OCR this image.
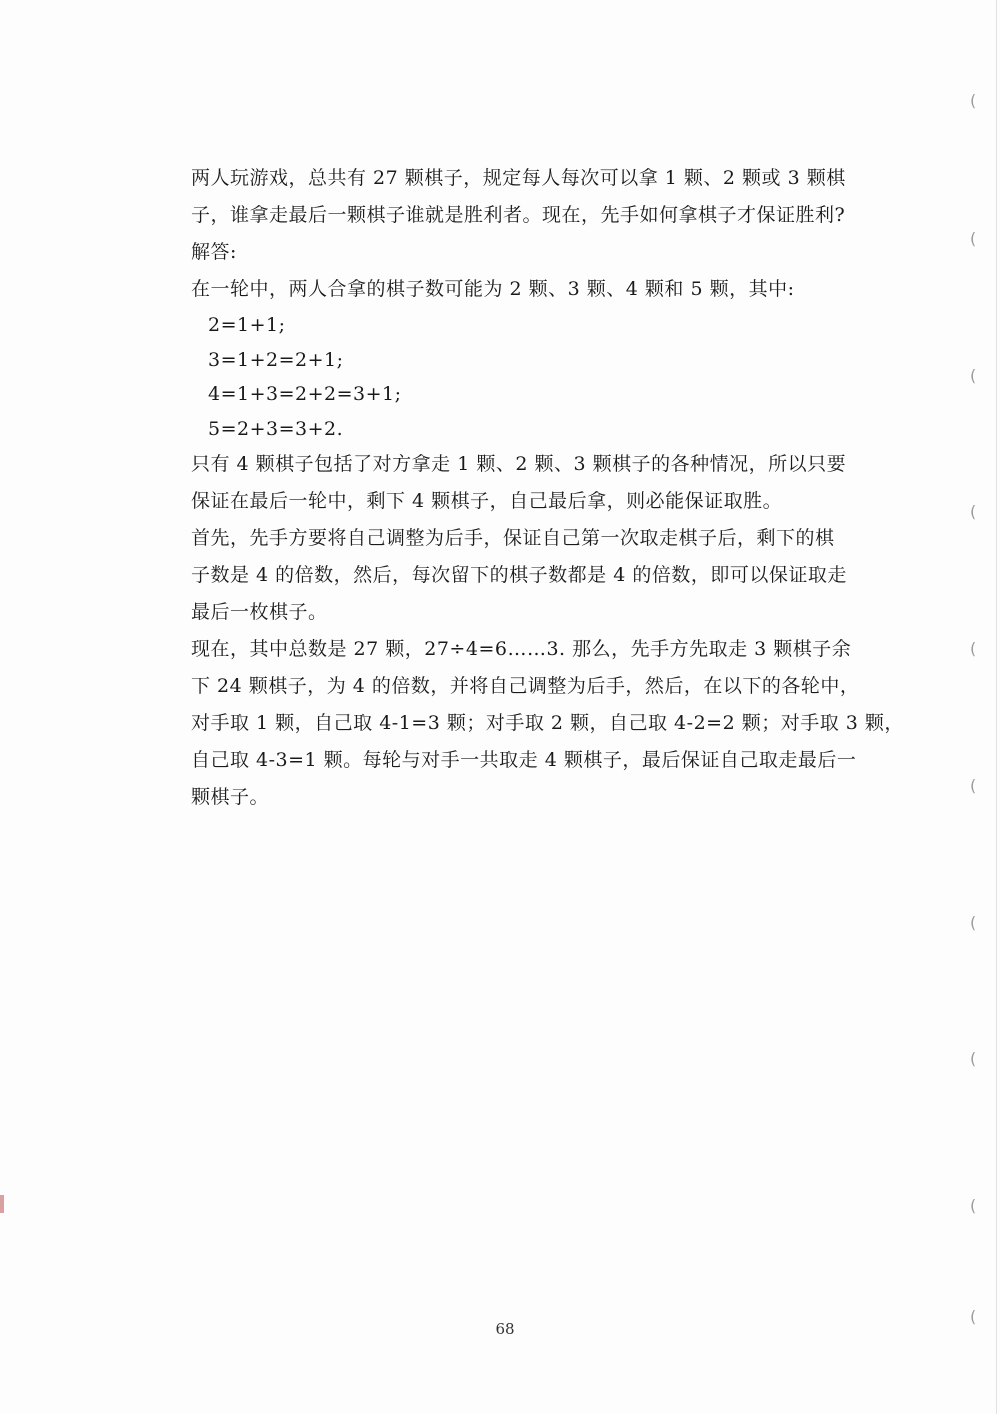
(
(
(
(
(
(
(
(
(
(
两人玩游戏，总共有 27 颗棋子，规定每人每次可以拿 1 颗、2 颗或 3 颗棋
子，谁拿走最后一颗棋子谁就是胜利者。现在，先手如何拿棋子才保证胜利?
解答:
在一轮中，两人合拿的棋子数可能为 2 颗、3 颗、4 颗和 5 颗，其中:
2=1+1;
3=1+2=2+1;
4=1+3=2+2=3+1;
5=2+3=3+2.
只有 4 颗棋子包括了对方拿走 1 颗、2 颗、3 颗棋子的各种情况，所以只要
保证在最后一轮中，剩下 4 颗棋子，自己最后拿，则必能保证取胜。
首先，先手方要将自己调整为后手，保证自己第一次取走棋子后，剩下的棋
子数是 4 的倍数，然后，每次留下的棋子数都是 4 的倍数，即可以保证取走
最后一枚棋子。
现在，其中总数是 27 颗，27÷4=6……3. 那么，先手方先取走 3 颗棋子余
下 24 颗棋子，为 4 的倍数，并将自己调整为后手，然后，在以下的各轮中，
对手取 1 颗，自己取 4-1=3 颗；对手取 2 颗，自己取 4-2=2 颗；对手取 3 颗，
自己取 4-3=1 颗。每轮与对手一共取走 4 颗棋子，最后保证自己取走最后一
颗棋子。
68
